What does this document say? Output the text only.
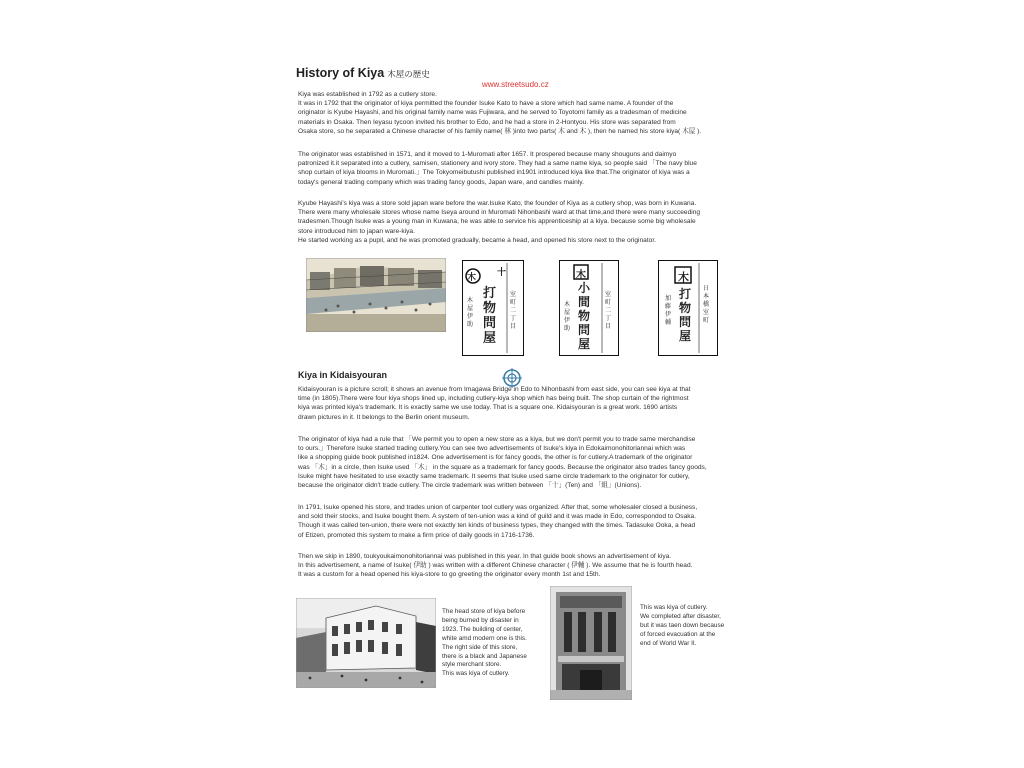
History of Kiya 木屋の歴史
Kiya was established in 1792 as a cutlery store.
It was in 1792 that the originator of kiya permitted the founder Isuke Kato to have a store which had same name. A founder of the
originator is Kyube Hayashi, and his original family name was Fujiwara, and he served to Toyotomi family as a tradesman of medicine
materials in Osaka. Then Ieyasu tycoon invited his brother to Edo, and he had a store in 2-Hontyou. His store was separated from
Osaka store, so he separated a Chinese character of his family name( 林 )into two parts( 木 and 木 ), then he named his store kiya( 木屋 ).
The originator was established in 1571, and it moved to 1-Muromati after 1657. It prospered because many shouguns and daimyo
patronized it.it separated into a cutlery, samisen, stationery and ivory store. They had a same name kiya, so people said 「The navy blue
shop curtain of kiya blooms in Muromati.」The Tokyomeibutushi published in1901 introduced kiya like that.The originator of kiya was a
today's general trading company which was trading fancy goods, Japan ware, and candles mainly.
Kyube Hayashi's kiya was a store sold japan ware before the war.Isuke Kato, the founder of Kiya as a cutlery shop, was born in Kuwana.
There were many wholesale stores whose name Iseya around in Muromati Nihonbashi ward at that time,and there were many succeeding
tradesmen.Though Isuke was a young man in Kuwana, he was able to service his apprenticeship at a kiya. because some big wholesale
store introduced him to japan ware-kiya.
He started working as a pupil, and he was promoted gradually, became a head, and opened his store next to the originator.
十
木
打
物
問
屋
木屋伊助
室町二丁目
木
小
間
物
問
屋
木屋伊助
室町二丁目
木
打
物
問
屋
加藤伊輔
日本橋室町
Kiya in Kidaisyouran
www.streetsudo.cz
Kidaisyouran is a picture scroll; it shows an avenue from Imagawa Bridge in Edo to Nihonbashi from east side, you can see kiya at that
time (in 1805).There were four kiya shops lined up, including cutlery-kiya shop which has being built. The shop curtain of the rightmost
kiya was printed kiya's trademark. It is exactly same we use today. That is a square one. Kidaisyouran is a great work. 1690 artists
drawn pictures in it. It belongs to the Berlin orient museum.
The originator of kiya had a rule that 「We permit you to open a new store as a kiya, but we don't permit you to trade same merchandise
to ours.」Therefore Isuke started trading cutlery.You can see two advertisements of Isuke's kiya in Edokaimonohitoriannai which was
like a shopping guide book published in1824. One advertisement is for fancy goods, the other is for cutlery.A trademark of the originator
was 「木」in a circle, then Isuke used 「木」 in the square as a trademark for fancy goods. Because the originator also trades fancy goods,
Isuke might have hesitated to use exactly same trademark. It seems that Isuke used same circle trademark to the originator for cutlery,
because the originator didn't trade cutlery. The circle trademark was written between 「十」(Ten) and 「組」(Unions).
In 1791, Isuke opened his store, and trades union of carpenter tool cutlery was organized. After that, some wholesaler closed a business,
and sold their stocks, and Isuke bought them. A system of ten-union was a kind of guild and it was made in Edo, correspondod to Osaka.
Though it was called ten-union, there were not exactly ten kinds of business types, they changed with the times. Tadasuke Ooka, a head
of Etizen, promoted this system to make a firm price of daily goods in 1716-1736.
Then we skip in 1890, toukyoukaimonohitoriannai was published in this year. In that guide book shows an advertisement of kiya.
In this advertisement, a name of Isuke( 伊助 ) was written with a different Chinese character ( 伊輔 ). We assume that he is fourth head.
It was a custom for a head opened his kiya-store to go greeting the originator every month 1st and 15th.
The head store of kiya before
being burned by disaster in
1923. The building of center,
white amd modern one is this.
The right side of this store,
there is a black and Japanese
style merchant store.
This was kiya of cutlery.
This was kiya of cutlery.
We completed after disaster,
but it was taen down because
of forced evacuation at the
end of World War II.
